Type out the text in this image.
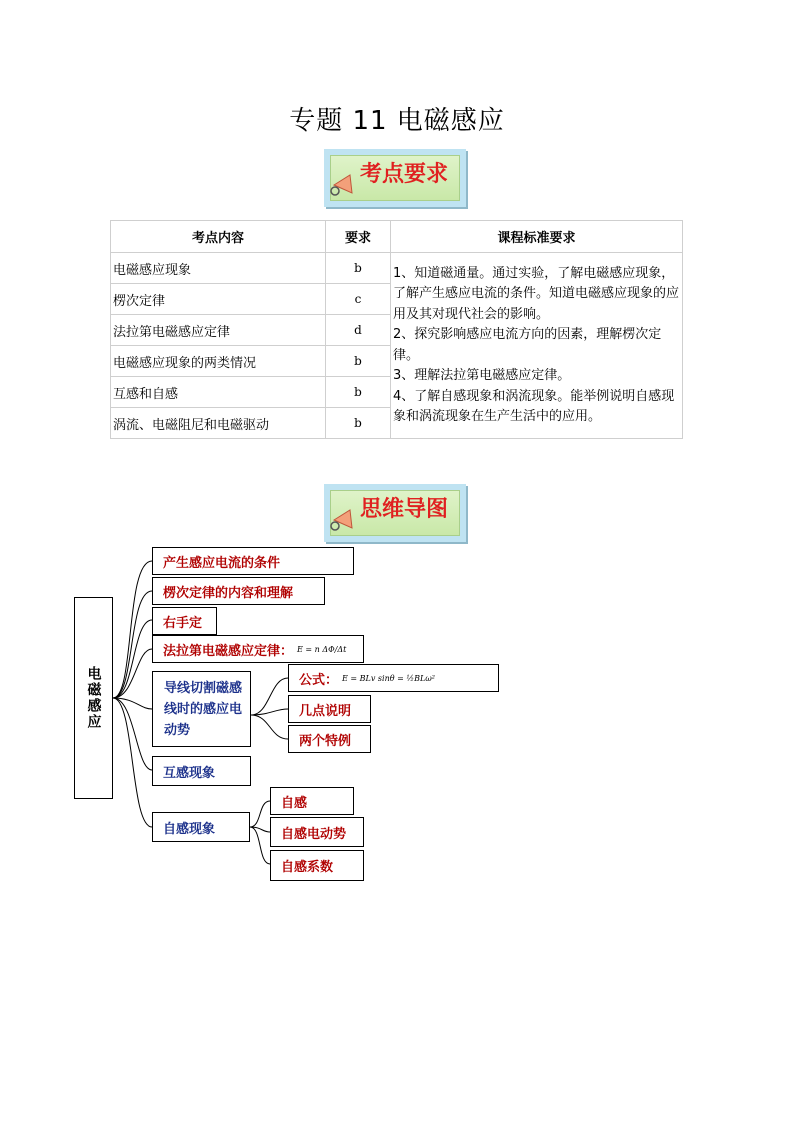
专题 11 电磁感应
考点要求
考点内容	要求	课程标准要求
电磁感应现象	b	1、知道磁通量。通过实验，了解电磁感应现象，了解产生感应电流的条件。知道电磁感应现象的应用及其对现代社会的影响。
2、探究影响感应电流方向的因素，理解楞次定律。
3、理解法拉第电磁感应定律。
4、了解自感现象和涡流现象。能举例说明自感现象和涡流现象在生产生活中的应用。

楞次定律	c	
法拉第电磁感应定律	d	
电磁感应现象的两类情况	b	
互感和自感	b	
涡流、电磁阻尼和电磁驱动	b	
思维导图
电磁感应
产生感应电流的条件
楞次定律的内容和理解
右手定
法拉第电磁感应定律： E = n ΔΦ/Δt
导线切割磁感线时的感应电动势
公式： E = BLv sinθ = ½BLω²
几点说明
两个特例
互感现象
自感现象
自感
自感电动势
自感系数
